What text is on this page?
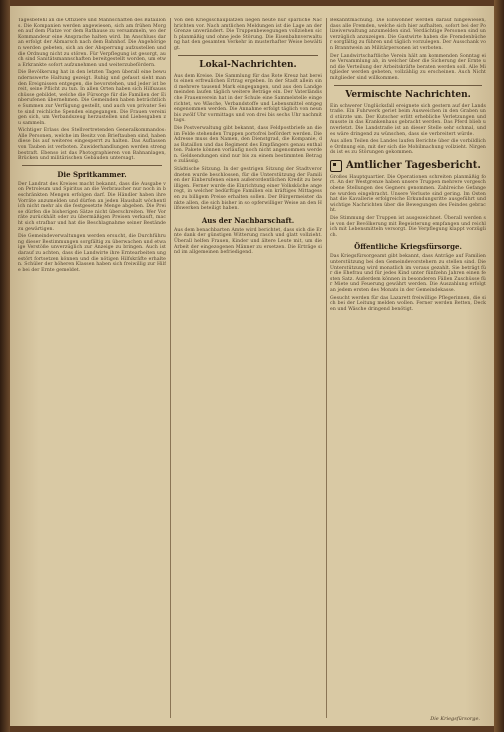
Tagesbefehl an die Offiziere und Mannschaften des Bataillons. Die Kompanien werden angewiesen, sich am frühen Morgen auf dem Platze vor dem Rathause zu versammeln, wo der Kommandeur eine Ansprache halten wird. Im Anschluss daran erfolgt der Abmarsch nach dem Bahnhof. Die Angehörigen werden gebeten, sich an der Absperrung aufzustellen und die Ordnung nicht zu stören. Für Verpflegung ist gesorgt, auch sind Sanitätsmannschaften bereitgestellt worden, um etwa Erkrankte sofort aufzunehmen und weiterzubefördern.

Die Bevölkerung hat in den letzten Tagen überall eine bewundernswerte Haltung gezeigt. Ruhig und gefasst sieht man den Ereignissen entgegen, die bevorstehen, und jeder ist bereit, seine Pflicht zu tun. In allen Orten haben sich Hilfsausschüsse gebildet, welche die Fürsorge für die Familien der Einberufenen übernehmen. Die Gemeinden haben beträchtliche Summen zur Verfügung gestellt, und auch von privater Seite sind reichliche Spenden eingegangen. Die Frauen vereinigen sich, um Verbandszeug herzustellen und Liebesgaben zu sammeln.

Wichtiger Erlass des Stellvertretenden Generalkommandos: Alle Personen, welche im Besitz von Brieftauben sind, haben diese bis auf weiteres eingesperrt zu halten. Das Auflassen von Tauben ist verboten. Zuwiderhandlungen werden streng bestraft. Ebenso ist das Photographieren von Bahnanlagen, Brücken und militärischen Gebäuden untersagt.

Die Spritkammer.

Der Landrat des Kreises macht bekannt, dass die Ausgabe von Petroleum und Spiritus an die Verbraucher nur noch in beschränkten Mengen erfolgen darf. Die Händler haben ihre Vorräte anzumelden und dürfen an jeden Haushalt wöchentlich nicht mehr als die festgesetzte Menge abgeben. Die Preise dürfen die bisherigen Sätze nicht überschreiten. Wer Vorräte zurückhält oder zu übermäßigen Preisen verkauft, macht sich strafbar und hat die Beschlagnahme seiner Bestände zu gewärtigen.

Die Gemeindeverwaltungen werden ersucht, die Durchführung dieser Bestimmungen sorgfältig zu überwachen und etwaige Verstöße unverzüglich zur Anzeige zu bringen. Auch ist darauf zu achten, dass die Landwirte ihre Erntearbeiten ungestört fortsetzen können und die nötigen Hilfskräfte erhalten. Schüler der höheren Klassen haben sich freiwillig zur Hilfe bei der Ernte gemeldet.

Von den Kriegsschauplätzen liegen heute nur spärliche Nachrichten vor. Nach amtlichen Meldungen ist die Lage an der Grenze unverändert. Die Truppenbewegungen vollziehen sich planmäßig und ohne jede Störung. Die Eisenbahnverwaltung hat den gesamten Verkehr in musterhafter Weise bewältigt.

Lokal-Nachrichten.

Aus dem Kreise. Die Sammlung für das Rote Kreuz hat bereits einen erfreulichen Ertrag ergeben. In der Stadt allein sind mehrere tausend Mark eingegangen, und aus den Landgemeinden laufen täglich weitere Beträge ein. Der Vaterländische Frauenverein hat in der Schule eine Sammelstelle eingerichtet, wo Wäsche, Verbandstoffe und Lebensmittel entgegengenommen werden. Die Annahme erfolgt täglich von neun bis zwölf Uhr vormittags und von drei bis sechs Uhr nachmittags.

Die Postverwaltung gibt bekannt, dass Feldpostbriefe an die im Felde stehenden Truppen portofrei befördert werden. Die Adresse muss den Namen, den Dienstgrad, die Kompanie, das Bataillon und das Regiment des Empfängers genau enthalten. Pakete können vorläufig noch nicht angenommen werden. Geldsendungen sind nur bis zu einem bestimmten Betrage zulässig.

Städtische Sitzung. In der gestrigen Sitzung der Stadtverordneten wurde beschlossen, für die Unterstützung der Familien der Einberufenen einen außerordentlichen Kredit zu bewilligen. Ferner wurde die Einrichtung einer Volksküche angeregt, in welcher bedürftige Familien ein kräftiges Mittagessen zu billigem Preise erhalten sollen. Der Bürgermeister dankte allen, die sich bisher in so opferwilliger Weise an den Hilfswerken beteiligt haben.

Aus der Nachbarschaft.

Aus dem benachbarten Amte wird berichtet, dass sich die Ernte dank der günstigen Witterung rasch und glatt vollzieht. Überall helfen Frauen, Kinder und ältere Leute mit, um die Arbeit der eingezogenen Männer zu ersetzen. Die Erträge sind im allgemeinen befriedigend.

Bekanntmachung. Die Einwohner werden darauf hingewiesen, dass alle Fremden, welche sich hier aufhalten, sofort bei der Polizeiverwaltung anzumelden sind. Verdächtige Personen sind unverzüglich anzuzeigen. Die Gastwirte haben die Fremdenbücher sorgfältig zu führen und täglich vorzulegen. Der Ausschank von Branntwein an Militärpersonen ist verboten.

Der Landwirtschaftliche Verein hält am kommenden Sonntag eine Versammlung ab, in welcher über die Sicherung der Ernte und die Verteilung der Arbeitskräfte beraten werden soll. Alle Mitglieder werden gebeten, vollzählig zu erscheinen. Auch Nichtmitglieder sind willkommen.

Vermischte Nachrichten.

Ein schwerer Unglücksfall ereignete sich gestern auf der Landstraße. Ein Fuhrwerk geriet beim Ausweichen in den Graben und stürzte um. Der Kutscher erlitt erhebliche Verletzungen und musste in das Krankenhaus gebracht werden. Das Pferd blieb unverletzt. Die Landstraße ist an dieser Stelle sehr schmal, und es wäre dringend zu wünschen, dass sie verbreitert würde.

Aus allen Teilen des Landes laufen Berichte über die vorbildliche Ordnung ein, mit der sich die Mobilmachung vollzieht. Nirgends ist es zu Störungen gekommen.

Amtlicher Tagesbericht.

Großes Hauptquartier. Die Operationen schreiten planmäßig fort. An der Westgrenze haben unsere Truppen mehrere vorgeschobene Stellungen des Gegners genommen. Zahlreiche Gefangene wurden eingebracht. Unsere Verluste sind gering. Im Osten hat die Kavallerie erfolgreiche Erkundungsritte ausgeführt und wichtige Nachrichten über die Bewegungen des Feindes gebracht.

Die Stimmung der Truppen ist ausgezeichnet. Überall werden sie von der Bevölkerung mit Begeisterung empfangen und reichlich mit Lebensmitteln versorgt. Die Verpflegung klappt vorzüglich.

Öffentliche Kriegsfürsorge.

Das Kriegsfürsorgeamt gibt bekannt, dass Anträge auf Familienunterstützung bei den Gemeindevorstehern zu stellen sind. Die Unterstützung wird monatlich im voraus gezahlt. Sie beträgt für die Ehefrau und für jedes Kind unter fünfzehn Jahren einen festen Satz. Außerdem können in besonderen Fällen Zuschüsse für Miete und Feuerung gewährt werden. Die Auszahlung erfolgt an jedem ersten des Monats in der Gemeindekasse.

Gesucht werden für das Lazarett freiwillige Pflegerinnen, die sich bei der Leitung melden wollen. Ferner werden Betten, Decken und Wäsche dringend benötigt.

Die Kriegsfürsorge.
